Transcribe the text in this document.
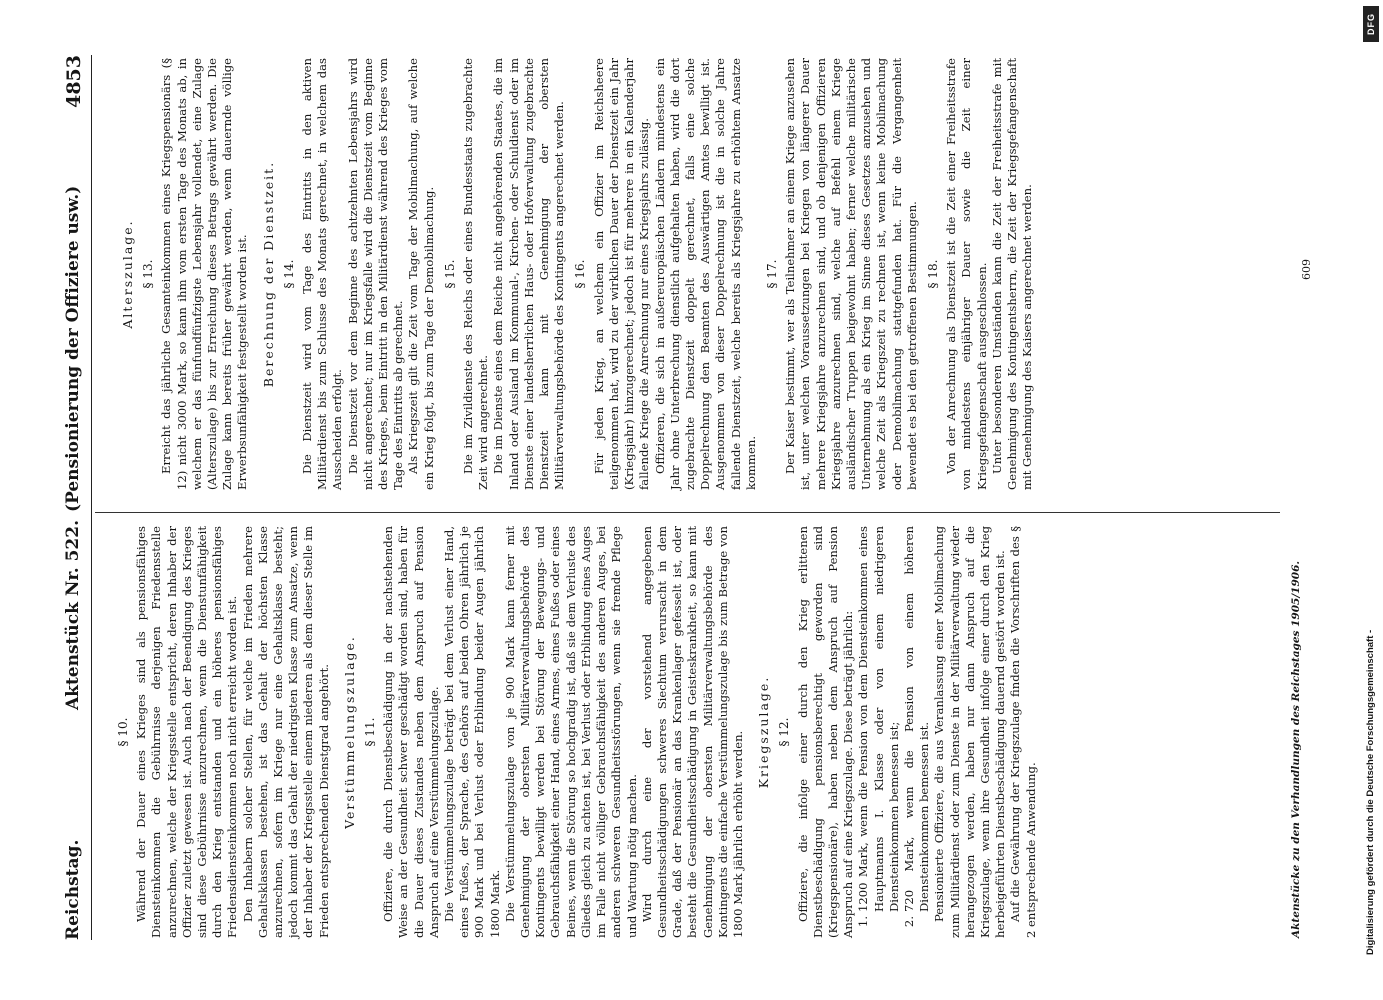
Reichstag.
Aktenstück Nr. 522.
(Pensionierung der Offiziere usw.)
4853
§ 10. Während der Dauer eines Krieges sind als pensionsfähiges Diensteinkommen die Gebührnisse derjenigen Friedensstelle anzurechnen, welche der Kriegsstelle entspricht, deren Inhaber der Offizier zuletzt gewesen ist. Auch nach der Beendigung des Krieges sind diese Gebührnisse anzurechnen, wenn die Dienstunfähigkeit durch den Krieg entstanden und ein höheres pensionsfähiges Friedensdiensteinkommen noch nicht erreicht worden ist. Den Inhabern solcher Stellen, für welche im Frieden mehrere Gehaltsklassen bestehen, ist das Gehalt der höchsten Klasse anzurechnen, sofern im Kriege nur eine Gehaltsklasse besteht; jedoch kommt das Gehalt der niedrigsten Klasse zum Ansatze, wenn der Inhaber der Kriegsstelle einem niederen als dem dieser Stelle im Frieden entsprechenden Dienstgrad angehört. Verstümmelungszulage. § 11. Offiziere, die durch Dienstbeschädigung in der nachstehenden Weise an der Gesundheit schwer geschädigt worden sind, haben für die Dauer dieses Zustandes neben dem Anspruch auf Pension Anspruch auf eine Verstümmelungszulage. Die Verstümmelungszulage beträgt bei dem Verlust einer Hand, eines Fußes, der Sprache, des Gehörs auf beiden Ohren jährlich je 900 Mark und bei Verlust oder Erblindung beider Augen jährlich 1800 Mark. Die Verstümmelungszulage von je 900 Mark kann ferner mit Genehmigung der obersten Militärverwaltungsbehörde des Kontingents bewilligt werden bei Störung der Bewegungs- und Gebrauchsfähigkeit einer Hand, eines Armes, eines Fußes oder eines Beines, wenn die Störung so hochgradig ist, daß sie dem Verluste des Gliedes gleich zu achten ist, bei Verlust oder Erblindung eines Auges im Falle nicht völliger Gebrauchsfähigkeit des anderen Auges, bei anderen schweren Gesundheitsstörungen, wenn sie fremde Pflege und Wartung nötig machen. Wird durch eine der vorstehend angegebenen Gesundheitsschädigungen schweres Siechtum verursacht in dem Grade, daß der Pensionär an das Krankenlager gefesselt ist, oder besteht die Gesundheitsschädigung in Geisteskrankheit, so kann mit Genehmigung der obersten Militärverwaltungsbehörde des Kontingents die einfache Verstümmelungszulage bis zum Betrage von 1800 Mark jährlich erhöht werden. Kriegszulage. § 12. Offiziere, die infolge einer durch den Krieg erlittenen Dienstbeschädigung pensionsberechtigt geworden sind (Kriegspensionäre), haben neben dem Anspruch auf Pension Anspruch auf eine Kriegszulage. Diese beträgt jährlich: 1.
1200 Mark, wenn die Pension von dem Diensteinkommen eines Hauptmanns I. Klasse oder von einem niedrigeren Diensteinkommen bemessen ist;
2.
720 Mark, wenn die Pension von einem höheren Diensteinkommen bemessen ist. Pensionierte Offiziere, die aus Veranlassung einer Mobilmachung zum Militärdienst oder zum Dienste in der Militärverwaltung wieder herangezogen werden, haben nur dann Anspruch auf die Kriegszulage, wenn ihre Gesundheit infolge einer durch den Krieg herbeigeführten Dienstbeschädigung dauernd gestört worden ist. Auf die Gewährung der Kriegszulage finden die Vorschriften des § 2 entsprechende Anwendung.

Alterszulage. § 13. Erreicht das jährliche Gesamteinkommen eines Kriegspensionärs (§ 12) nicht 3000 Mark, so kann ihm vom ersten Tage des Monats ab, in welchem er das fünfundfünfzigste Lebensjahr vollendet, eine Zulage (Alterszulage) bis zur Erreichung dieses Betrags gewährt werden. Die Zulage kann bereits früher gewährt werden, wenn dauernde völlige Erwerbsunfähigkeit festgestellt worden ist. Berechnung der Dienstzeit. § 14. Die Dienstzeit wird vom Tage des Eintritts in den aktiven Militärdienst bis zum Schlusse des Monats gerechnet, in welchem das Ausscheiden erfolgt. Die Dienstzeit vor dem Beginne des achtzehnten Lebensjahrs wird nicht angerechnet; nur im Kriegsfalle wird die Dienstzeit vom Beginne des Krieges, beim Eintritt in den Militärdienst während des Krieges vom Tage des Eintritts ab gerechnet. Als Kriegszeit gilt die Zeit vom Tage der Mobilmachung, auf welche ein Krieg folgt, bis zum Tage der Demobilmachung. § 15. Die im Zivildienste des Reichs oder eines Bundesstaats zugebrachte Zeit wird angerechnet. Die im Dienste eines dem Reiche nicht angehörenden Staates, die im Inland oder Ausland im Kommunal-, Kirchen- oder Schuldienst oder im Dienste einer landesherrlichen Haus- oder Hofverwaltung zugebrachte Dienstzeit kann mit Genehmigung der obersten Militärverwaltungsbehörde des Kontingents angerechnet werden. § 16. Für jeden Krieg, an welchem ein Offizier im Reichsheere teilgenommen hat, wird zu der wirklichen Dauer der Dienstzeit ein Jahr (Kriegsjahr) hinzugerechnet; jedoch ist für mehrere in ein Kalenderjahr fallende Kriege die Anrechnung nur eines Kriegsjahrs zulässig. Offizieren, die sich in außereuropäischen Ländern mindestens ein Jahr ohne Unterbrechung dienstlich aufgehalten haben, wird die dort zugebrachte Dienstzeit doppelt gerechnet, falls eine solche Doppelrechnung den Beamten des Auswärtigen Amtes bewilligt ist. Ausgenommen von dieser Doppelrechnung ist die in solche Jahre fallende Dienstzeit, welche bereits als Kriegsjahre zu erhöhtem Ansatze kommen.

§ 17. Der Kaiser bestimmt, wer als Teilnehmer an einem Kriege anzusehen ist, unter welchen Voraussetzungen bei Kriegen von längerer Dauer mehrere Kriegsjahre anzurechnen sind, und ob denjenigen Offizieren Kriegsjahre anzurechnen sind, welche auf Befehl einem Kriege ausländischer Truppen beigewohnt haben; ferner welche militärische Unternehmung als ein Krieg im Sinne dieses Gesetzes anzusehen und welche Zeit als Kriegszeit zu rechnen ist, wenn keine Mobilmachung oder Demobilmachung stattgefunden hat. Für die Vergangenheit bewendet es bei den getroffenen Bestimmungen. § 18. Von der Anrechnung als Dienstzeit ist die Zeit einer Freiheitsstrafe von mindestens einjähriger Dauer sowie die Zeit einer Kriegsgefangenschaft ausgeschlossen. Unter besonderen Umständen kann die Zeit der Freiheitsstrafe mit Genehmigung des Kontingentsherrn, die Zeit der Kriegsgefangenschaft mit Genehmigung des Kaisers angerechnet werden.

Aktenstücke zu den Verhandlungen des Reichstages 1905/1906.
609
Digitalisierung gefördert durch die Deutsche Forschungsgemeinschaft -
DFG
